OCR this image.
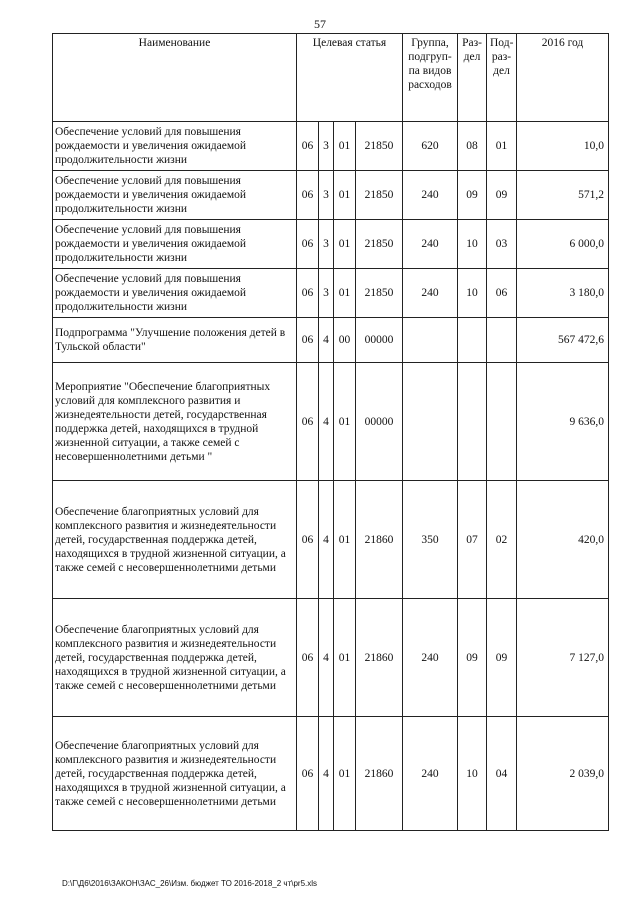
57
Наименование	Целевая статья				Группа, подгруп-па видов расходов	Раз-дел	Под-раз-дел	2016 год
Обеспечение условий для повышения рождаемости и увеличения ожидаемой продолжительности жизни	06	3	01	21850	620	08	01	10,0
Обеспечение условий для повышения рождаемости и увеличения ожидаемой продолжительности жизни	06	3	01	21850	240	09	09	571,2
Обеспечение условий для повышения рождаемости и увеличения ожидаемой продолжительности жизни	06	3	01	21850	240	10	03	6 000,0
Обеспечение условий для повышения рождаемости и увеличения ожидаемой продолжительности жизни	06	3	01	21850	240	10	06	3 180,0
Подпрограмма "Улучшение положения детей в Тульской области"	06	4	00	00000				567 472,6
Мероприятие "Обеспечение благоприятных условий для комплексного развития и жизнедеятельности детей, государственная поддержка детей, находящихся в трудной жизненной ситуации, а также семей с несовершеннолетними детьми "	06	4	01	00000				9 636,0
Обеспечение благоприятных условий для комплексного развития и жизнедеятельности детей, государственная поддержка детей, находящихся в трудной жизненной ситуации, а также семей с несовершеннолетними детьми	06	4	01	21860	350	07	02	420,0
Обеспечение благоприятных условий для комплексного развития и жизнедеятельности детей, государственная поддержка детей, находящихся в трудной жизненной ситуации, а также семей с несовершеннолетними детьми	06	4	01	21860	240	09	09	7 127,0
Обеспечение благоприятных условий для комплексного развития и жизнедеятельности детей, государственная поддержка детей, находящихся в трудной жизненной ситуации, а также семей с несовершеннолетними детьми	06	4	01	21860	240	10	04	2 039,0
D:\Г\Д6\2016\ЗАКОН\ЗАС_26\Изм. бюджет ТО 2016-2018_2 чт\pr5.xls
